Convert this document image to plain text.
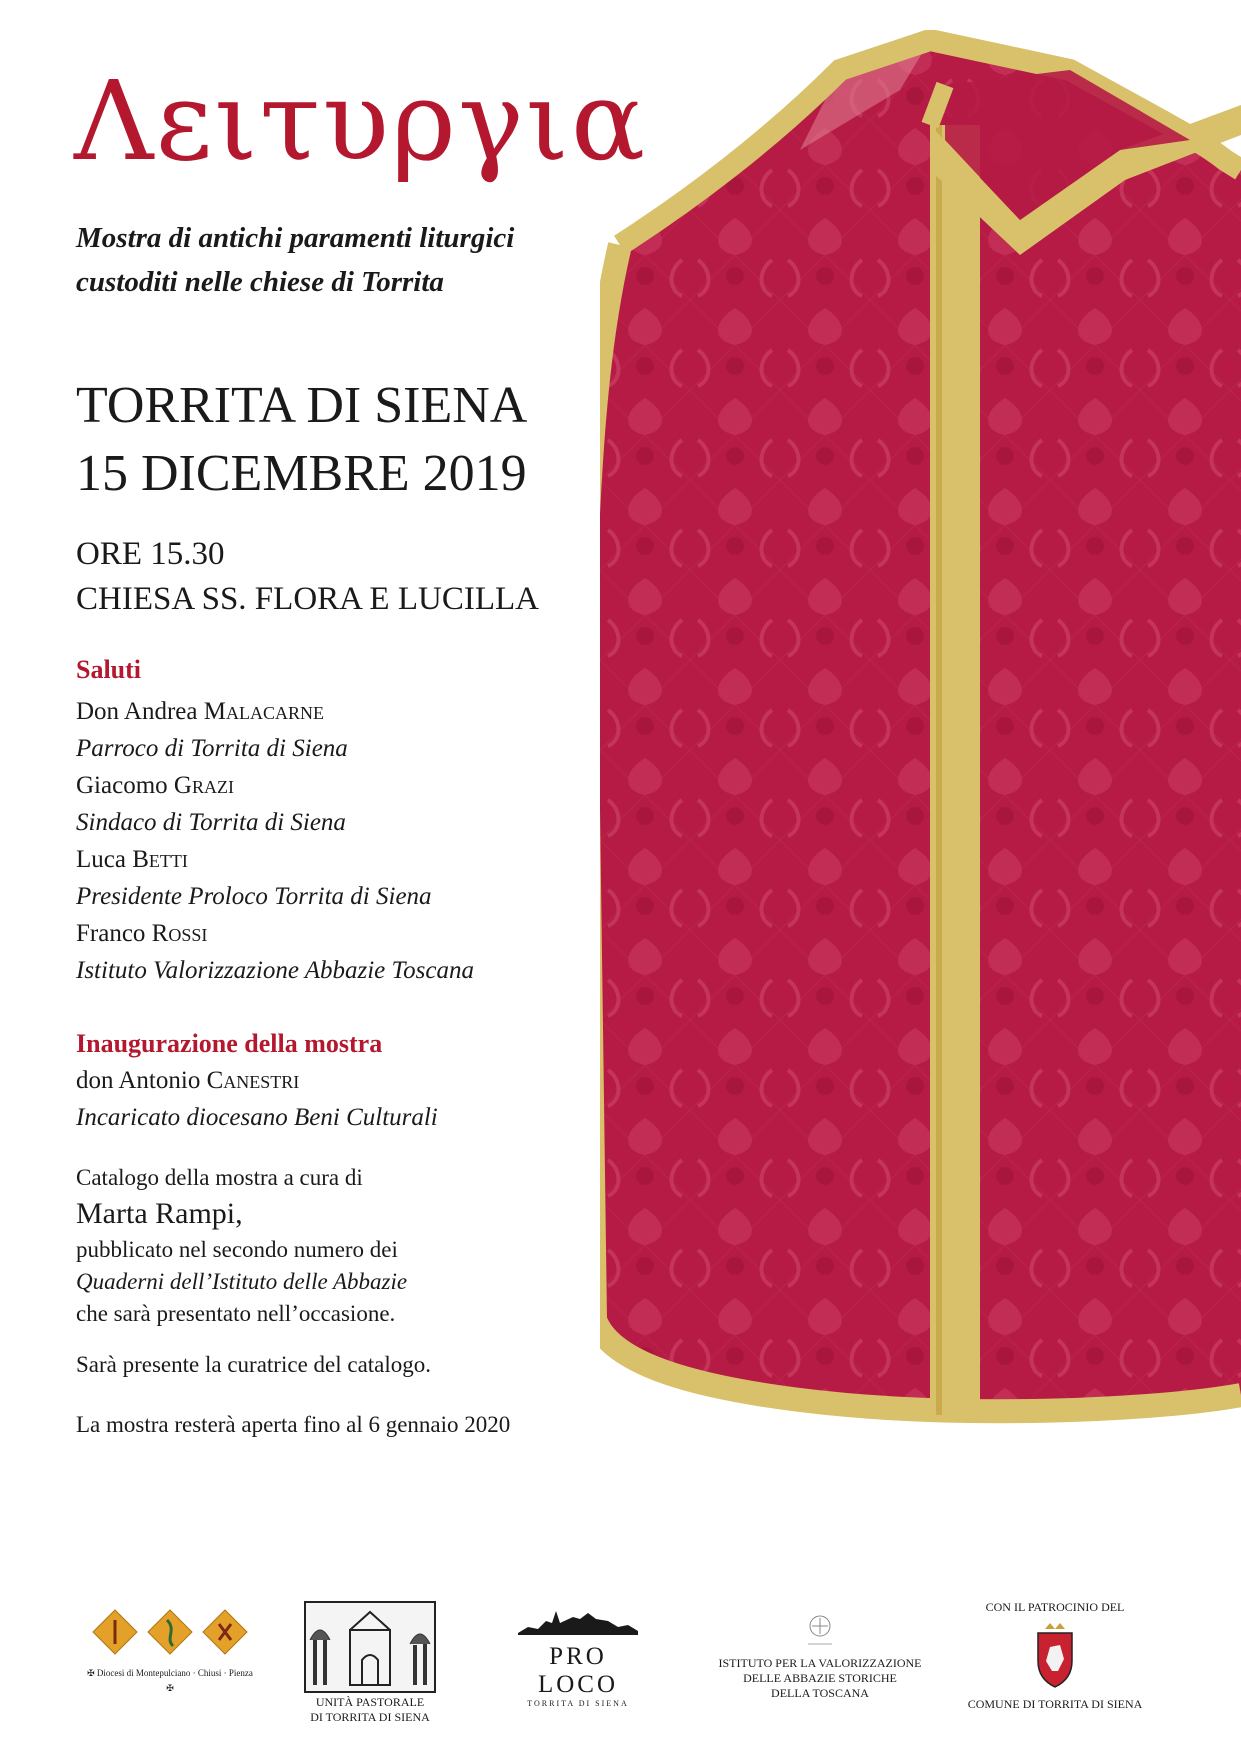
Λειτυργια
Mostra di antichi paramenti liturgici
custoditi nelle chiese di Torrita
TORRITA DI SIENA
15 DICEMBRE 2019
ORE 15.30
CHIESA SS. FLORA E LUCILLA
Saluti
Don Andrea Malacarne
Parroco di Torrita di Siena
Giacomo Grazi
Sindaco di Torrita di Siena
Luca Betti
Presidente Proloco Torrita di Siena
Franco Rossi
Istituto Valorizzazione Abbazie Toscana
Inaugurazione della mostra
don Antonio Canestri
Incaricato diocesano Beni Culturali
Catalogo della mostra a cura di
Marta Rampi,
pubblicato nel secondo numero dei
Quaderni dell’Istituto delle Abbazie
che sarà presentato nell’occasione.
Sarà presente la curatrice del catalogo.
La mostra resterà aperta fino al 6 gennaio 2020
✠ Diocesi di Montepulciano · Chiusi · Pienza ✠
UNITÀ PASTORALE
DI TORRITA DI SIENA
PRO LOCO
TORRITA DI SIENA
ISTITUTO PER LA VALORIZZAZIONE
DELLE ABBAZIE STORICHE
DELLA TOSCANA
CON IL PATROCINIO DEL
COMUNE DI TORRITA DI SIENA
